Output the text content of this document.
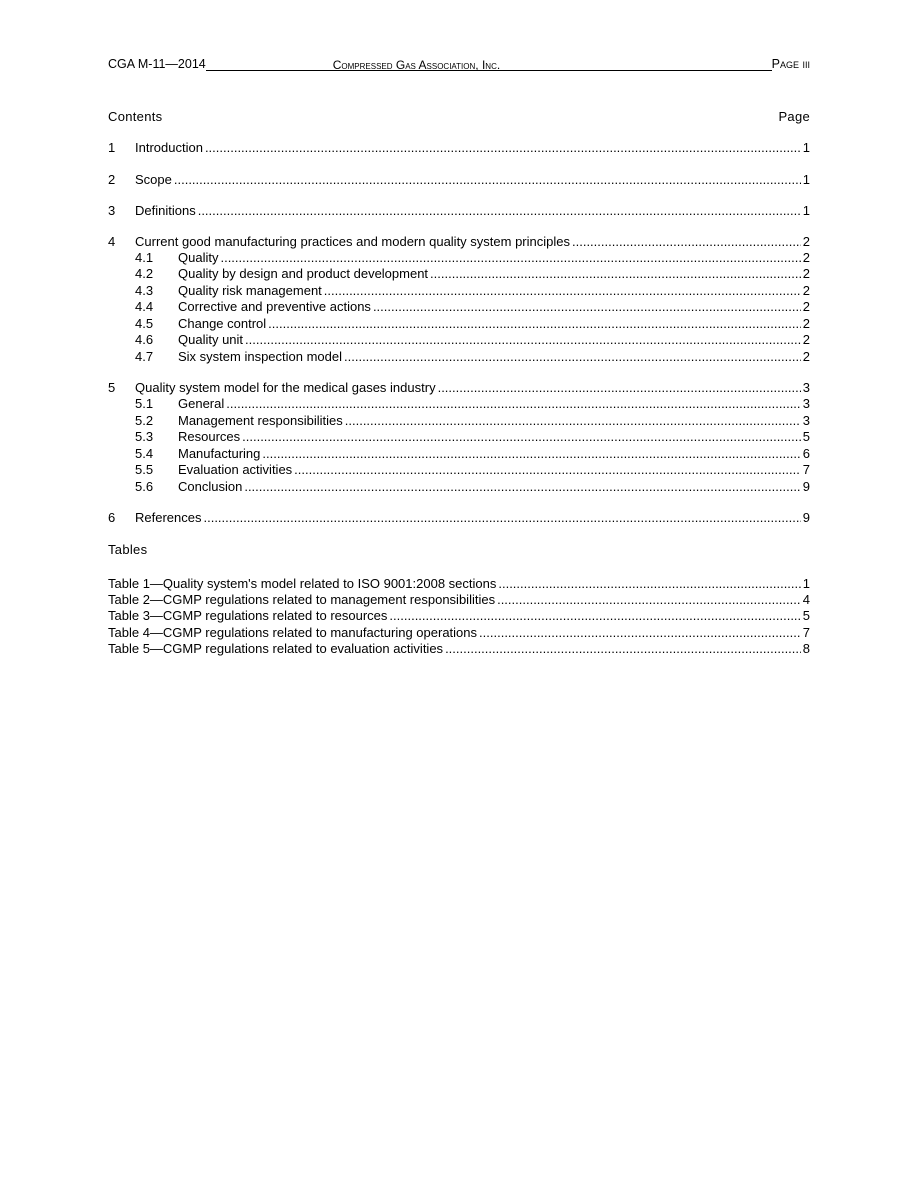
CGA M-11—2014	Compressed Gas Association, Inc.	Page iii
Contents	Page
1	Introduction .....	1
2	Scope .....	1
3	Definitions .....	1
4	Current good manufacturing practices and modern quality system principles .....	2
4.1	Quality .....	2
4.2	Quality by design and product development .....	2
4.3	Quality risk management .....	2
4.4	Corrective and preventive actions .....	2
4.5	Change control .....	2
4.6	Quality unit .....	2
4.7	Six system inspection model .....	2
5	Quality system model for the medical gases industry .....	3
5.1	General .....	3
5.2	Management responsibilities .....	3
5.3	Resources .....	5
5.4	Manufacturing .....	6
5.5	Evaluation activities .....	7
5.6	Conclusion .....	9
6	References .....	9
Tables
Table 1—Quality system's model related to ISO 9001:2008 sections .....	1
Table 2—CGMP regulations related to management responsibilities .....	4
Table 3—CGMP regulations related to resources .....	5
Table 4—CGMP regulations related to manufacturing operations .....	7
Table 5—CGMP regulations related to evaluation activities .....	8
